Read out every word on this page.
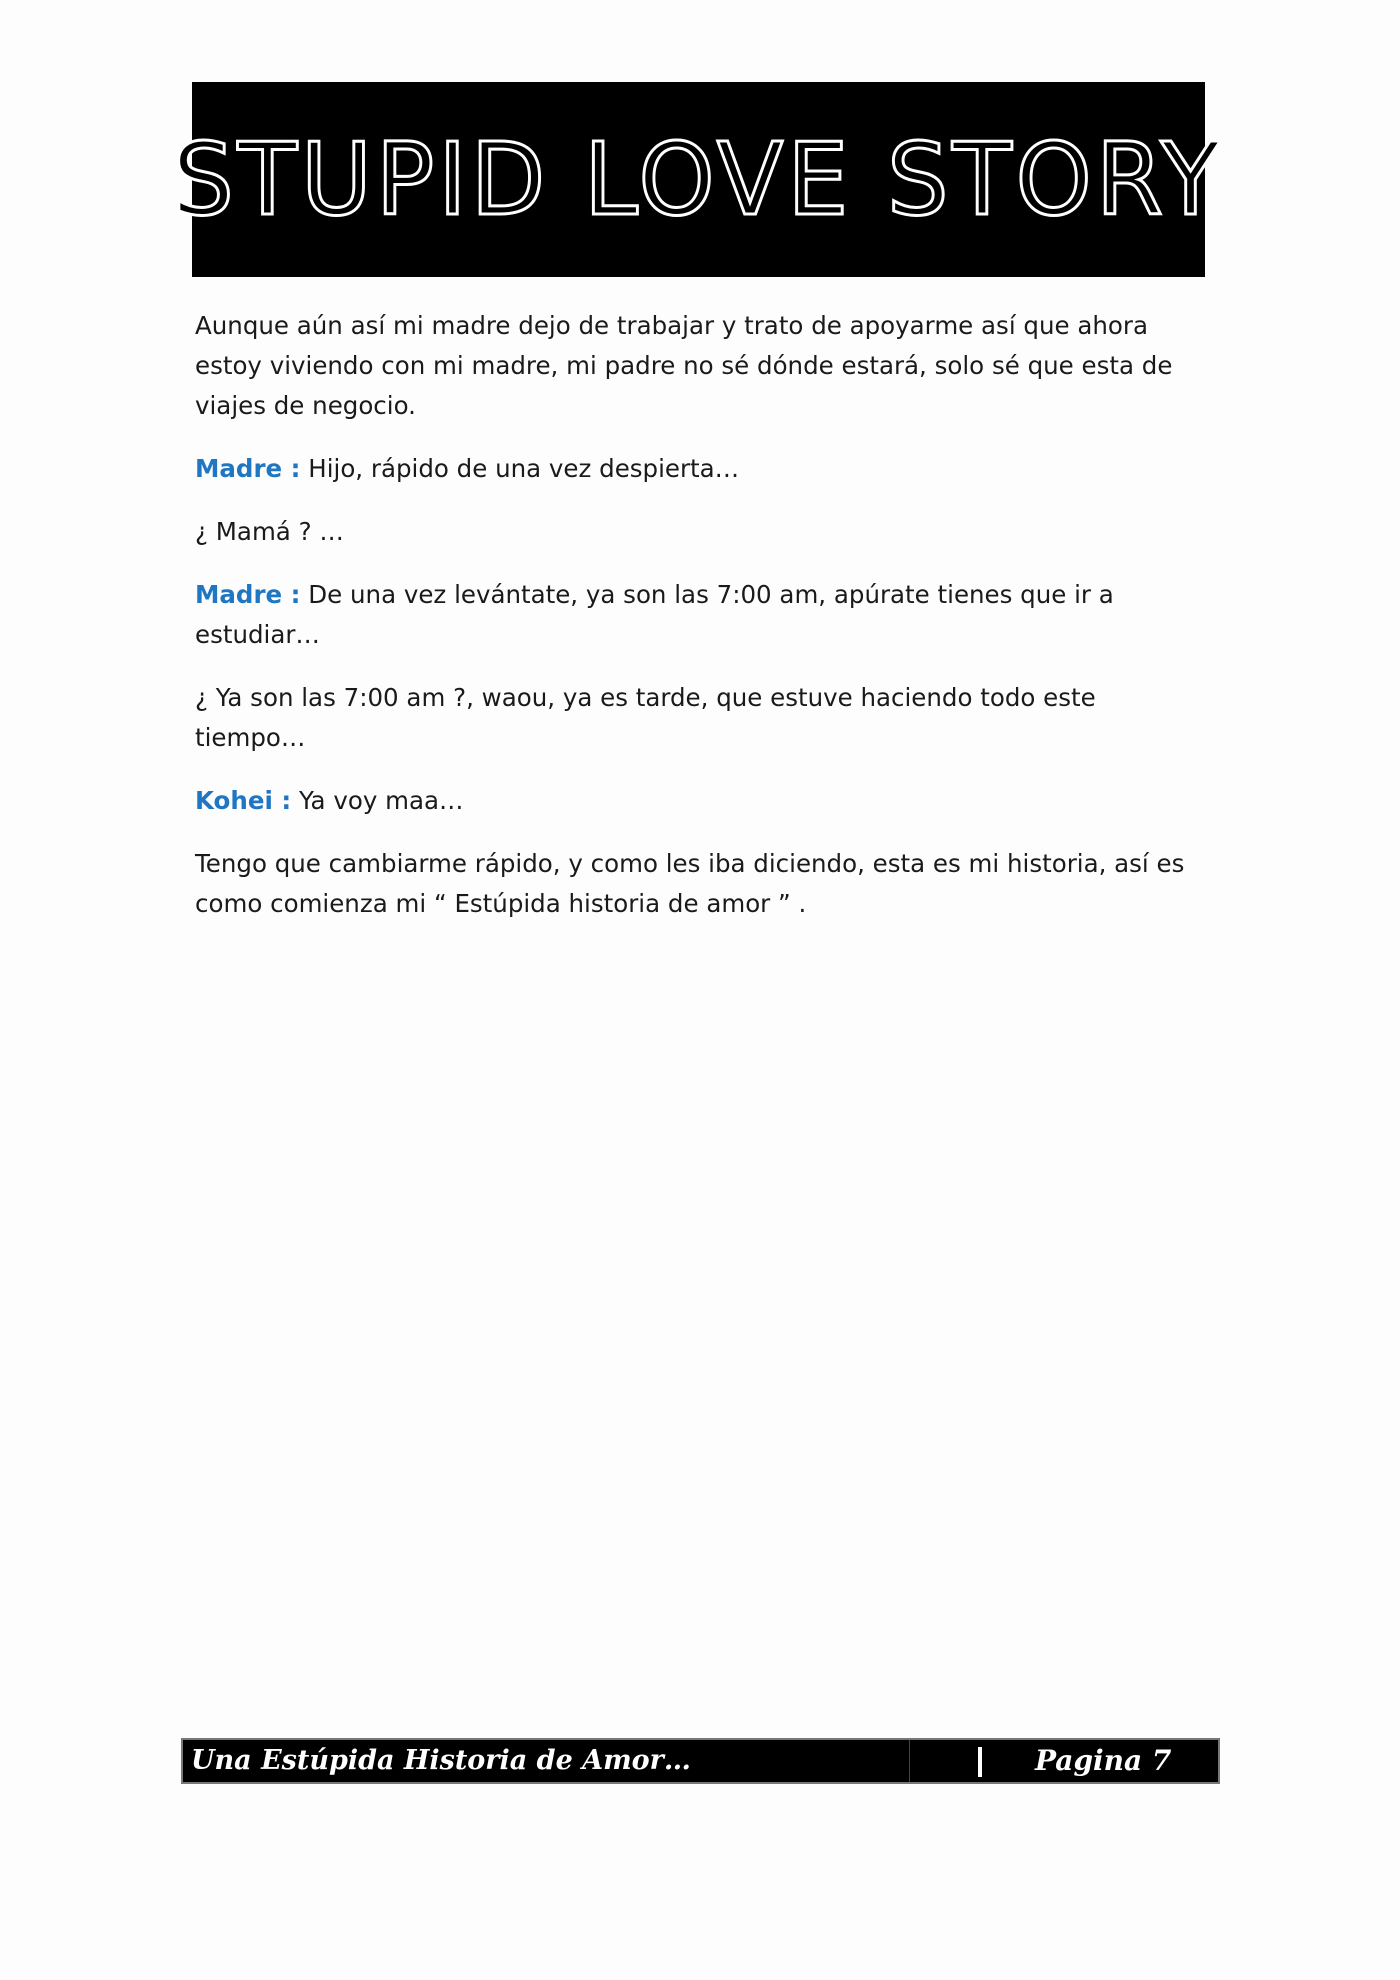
STUPID LOVE STORY

Aunque aún así mi madre dejo de trabajar y trato de apoyarme así que ahora estoy viviendo con mi madre, mi padre no sé dónde estará, solo sé que esta de viajes de negocio.

Madre : Hijo, rápido de una vez despierta…

¿ Mamá ? …

Madre : De una vez levántate, ya son las 7:00 am, apúrate tienes que ir a estudiar…

¿ Ya son las 7:00 am ?, waou, ya es tarde, que estuve haciendo todo este tiempo…

Kohei : Ya voy maa…

Tengo que cambiarme rápido, y como les iba diciendo, esta es mi historia, así es como comienza mi “ Estúpida historia de amor ” .

Una Estúpida Historia de Amor…	Pagina 7
